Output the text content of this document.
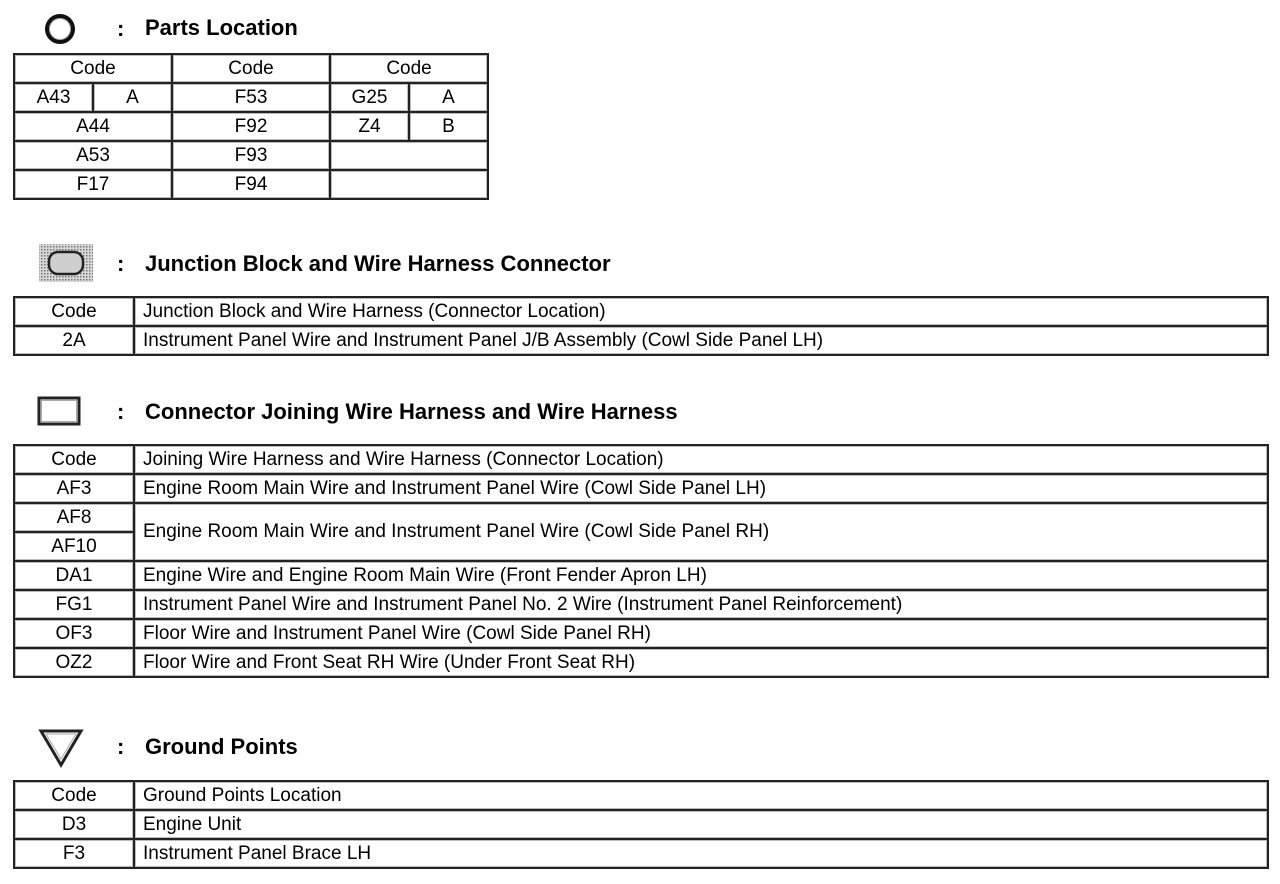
: Parts Location
Code		Code	Code	
A43	A	F53	G25	A
A44		F92	Z4	B
A53		F93		
F17		F94		
: Junction Block and Wire Harness Connector
Code	Junction Block and Wire Harness (Connector Location)
2A	Instrument Panel Wire and Instrument Panel J/B Assembly (Cowl Side Panel LH)
: Connector Joining Wire Harness and Wire Harness
Code	Joining Wire Harness and Wire Harness (Connector Location)
AF3	Engine Room Main Wire and Instrument Panel Wire (Cowl Side Panel LH)
AF8	Engine Room Main Wire and Instrument Panel Wire (Cowl Side Panel RH)
AF10	
DA1	Engine Wire and Engine Room Main Wire (Front Fender Apron LH)
FG1	Instrument Panel Wire and Instrument Panel No. 2 Wire (Instrument Panel Reinforcement)
OF3	Floor Wire and Instrument Panel Wire (Cowl Side Panel RH)
OZ2	Floor Wire and Front Seat RH Wire (Under Front Seat RH)
: Ground Points
Code	Ground Points Location
D3	Engine Unit
F3	Instrument Panel Brace LH
